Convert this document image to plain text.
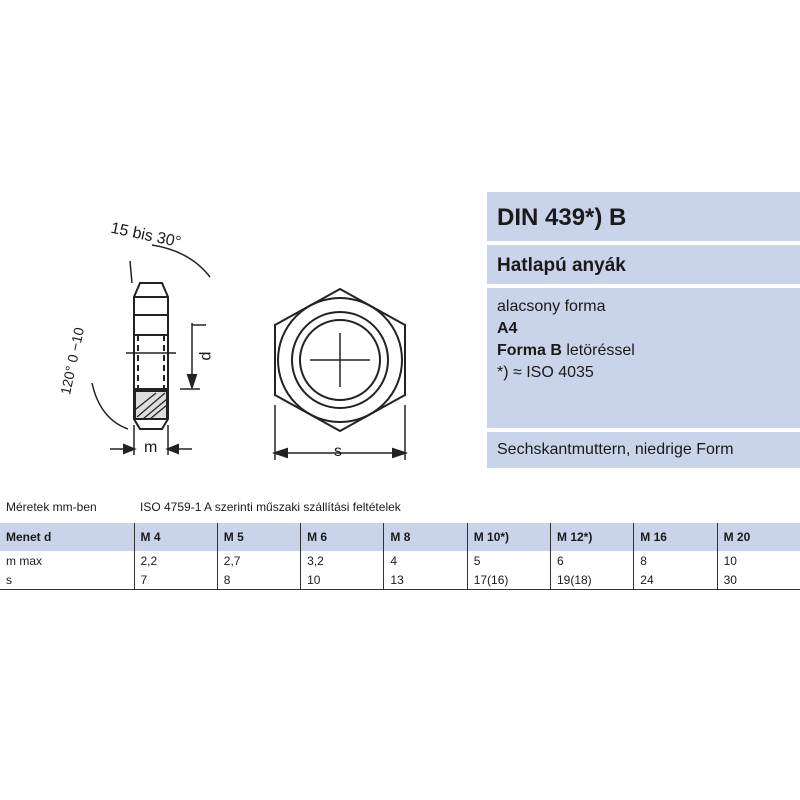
15 bis 30°
120° 0 −10	d
m	s
DIN 439*) B
Hatlapú anyák
alacsony forma
A4
Forma B letöréssel
*) ≈ ISO 4035
Sechskantmuttern, niedrige Form
Méretek mm-ben	ISO 4759-1 A szerinti műszaki szállítási feltételek
Menet d	M 4	M 5	M 6	M 8	M 10*)	M 12*)	M 16	M 20
m max	2,2	2,7	3,2	4	5	6	8	10
s	7	8	10	13	17(16)	19(18)	24	30
